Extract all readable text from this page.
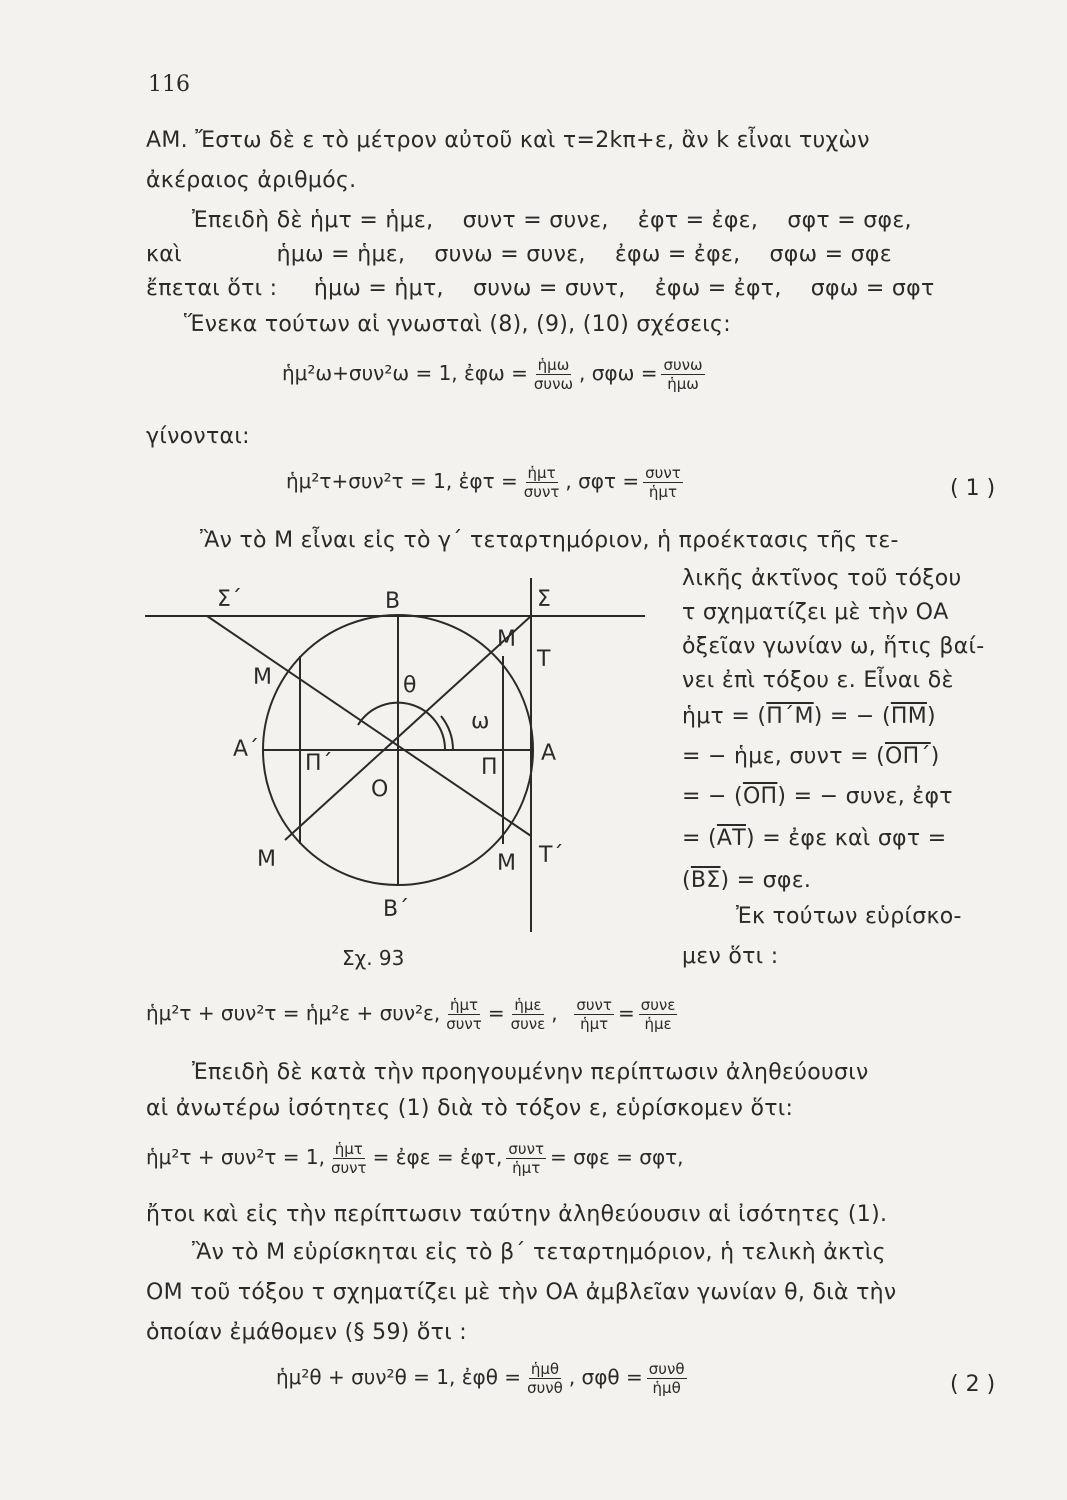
116
ΑΜ. Ἔστω δὲ ε τὸ μέτρον αὐτοῦ καὶ τ=2kπ+ε, ἂν k εἶναι τυχὼν
ἀκέραιος ἀριθμός.
Ἐπειδὴ δὲ ἡμτ = ἡμε,    συντ = συνε,    ἐφτ = ἐφε,    σφτ = σφε,
καὶ             ἡμω = ἡμε,    συνω = συνε,    ἐφω = ἐφε,    σφω = σφε
ἔπεται ὅτι :     ἡμω = ἡμτ,    συνω = συντ,    ἐφω = ἐφτ,    σφω = σφτ
Ἕνεκα τούτων αἱ γνωσταὶ (8), (9), (10) σχέσεις:
ἡμ²ω+συν²ω = 1, ἐφω = $\frac{\text{ἡμω}}{\text{συνω}}$ , $\sigma\varphi\omega = \frac{\text{συνω}}{\text{ἡμω}}$
γίνονται:
ἡμ²τ+συν²τ = 1, ἐφτ = $\frac{\text{ἡμτ}}{\text{συντ}}$ , $\sigma\varphi\tau = \frac{\text{συντ}}{\text{ἡμτ}}$	( 1 )
Ἂν τὸ Μ εἶναι εἰς τὸ γ΄ τεταρτημόριον, ἡ προέκτασις τῆς τε-
λικῆς ἀκτῖνος τοῦ τόξου
τ σχηματίζει μὲ τὴν ΟΑ
ὀξεῖαν γωνίαν ω, ἥτις βαί-
νει ἐπὶ τόξου ε. Εἶναι δὲ
ἡμτ = $(\overline{\Pi΄M})$ = − $(\overline{\Pi M})$
= − ἡμε, $\sigma\upsilon\nu\tau = (\overline{O\Pi΄})$
= − $(\overline{O\Pi})$ = − συνε, ἐφτ
= $(\overline{AT})$ = ἐφε καὶ σφτ =
$(\overline{B\Sigma}) = \sigma\varphi\varepsilon$.
Ἐκ τούτων εὑρίσκο-
μεν ὅτι :
Σ΄	Β	Σ
Μ
Τ
Μ	θ
ω
Α΄
Π΄
Ο
Π
Α
Μ	Μ Τ΄
Β΄
Σχ. 93
ἡμ²τ + συν²τ = ἡμ²ε + συν²ε, $\frac{\text{ἡμτ}}{\text{συντ}} = \frac{\text{ἡμε}}{\text{συνε}}$ , $\frac{\text{συντ}}{\text{ἡμτ}} = \frac{\text{συνε}}{\text{ἡμε}}$
Ἐπειδὴ δὲ κατὰ τὴν προηγουμένην περίπτωσιν ἀληθεύουσιν
αἱ ἀνωτέρω ἰσότητες (1) διὰ τὸ τόξον ε, εὑρίσκομεν ὅτι:
ἡμ²τ + συν²τ = 1, $\frac{\text{ἡμτ}}{\text{συντ}}$ = ἐφε = ἐφτ, $\frac{\text{συντ}}{\text{ἡμτ}} = \sigma\varphi\varepsilon = \sigma\varphi\tau$,
ἤτοι καὶ εἰς τὴν περίπτωσιν ταύτην ἀληθεύουσιν αἱ ἰσότητες (1).
Ἂν τὸ Μ εὑρίσκηται εἰς τὸ β΄ τεταρτημόριον, ἡ τελικὴ ἀκτὶς
ΟΜ τοῦ τόξου τ σχηματίζει μὲ τὴν ΟΑ ἀμβλεῖαν γωνίαν θ, διὰ τὴν
ὁποίαν ἐμάθομεν (§ 59) ὅτι :
ἡμ²θ + συν²θ = 1, ἐφθ = $\frac{\text{ἡμθ}}{\text{συνθ}}$ , $\sigma\varphi\theta = \frac{\text{συνθ}}{\text{ἡμθ}}$	( 2 )
